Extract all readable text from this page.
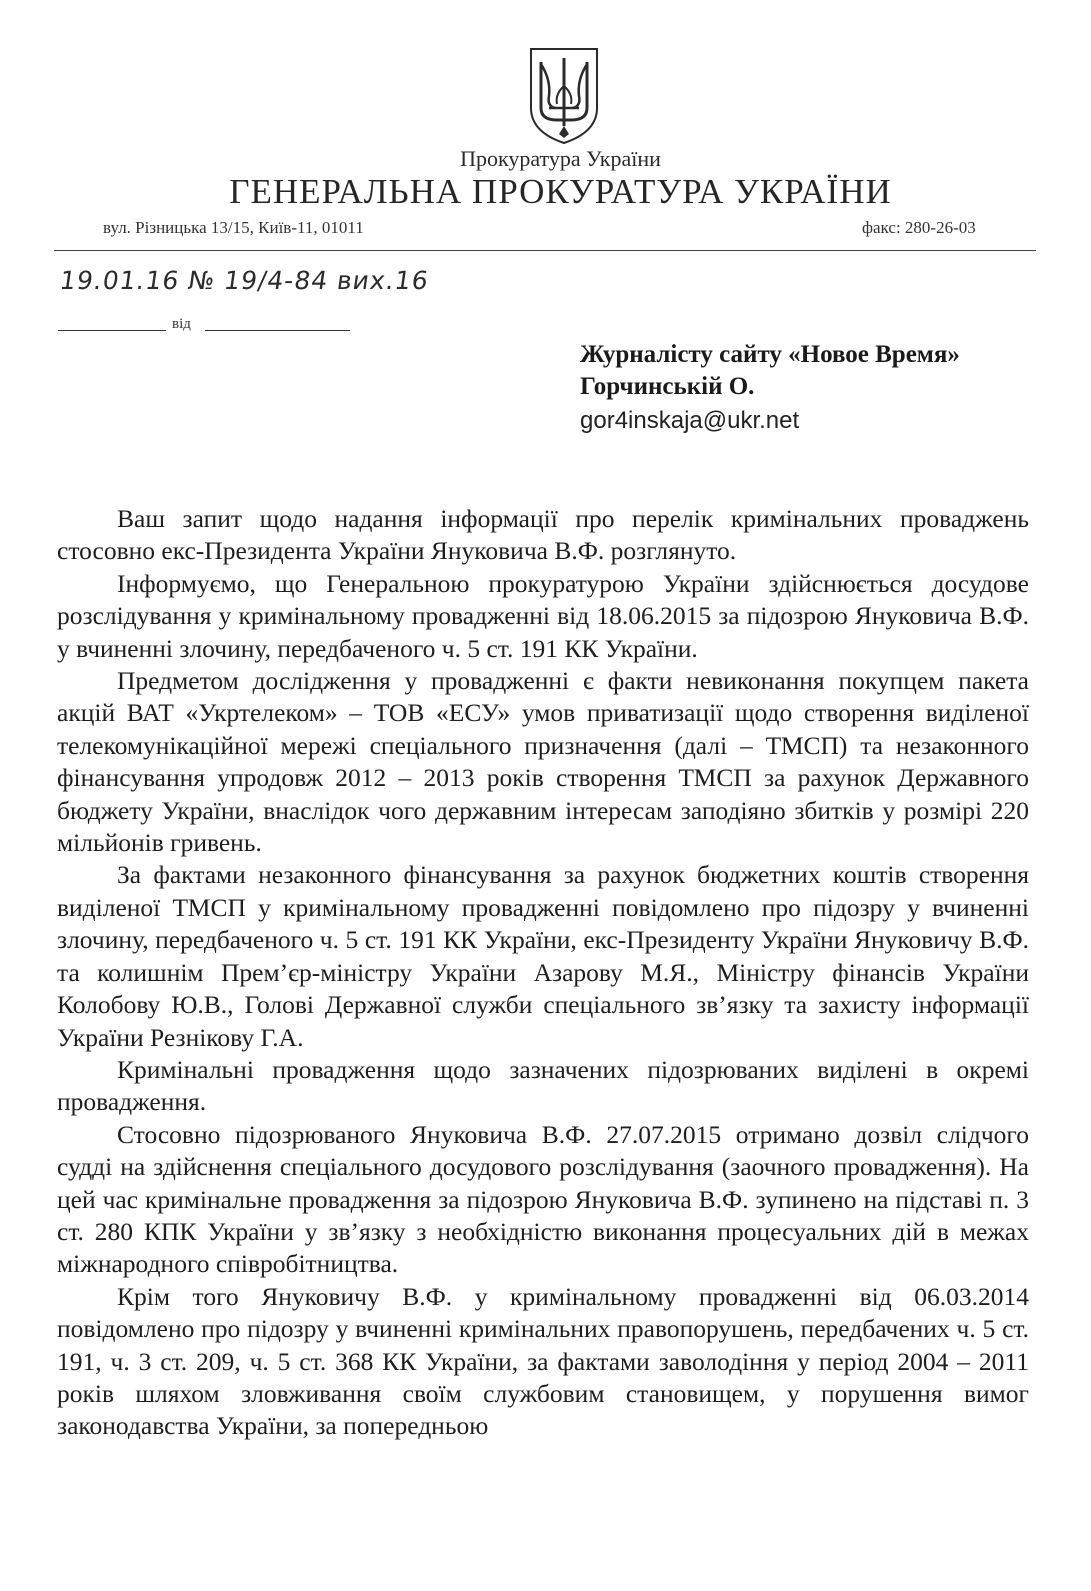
Прокуратура України
ГЕНЕРАЛЬНА ПРОКУРАТУРА УКРАЇНИ
вул. Різницька 13/15, Київ-11, 01011	факс: 280-26-03
19.01.16 № 19/4-84 вих.16
від
Журналісту сайту «Новое Время»
Горчинській О.
gor4inskaja@ukr.net

Ваш запит щодо надання інформації про перелік кримінальних проваджень стосовно екс-Президента України Януковича В.Ф. розглянуто.

Інформуємо, що Генеральною прокуратурою України здійснюється досудове розслідування у кримінальному провадженні від 18.06.2015 за підозрою Януковича В.Ф. у вчиненні злочину, передбаченого ч. 5 ст. 191 КК України.

Предметом дослідження у провадженні є факти невиконання покупцем пакета акцій ВАТ «Укртелеком» – ТОВ «ЕСУ» умов приватизації щодо створення виділеної телекомунікаційної мережі спеціального призначення (далі – ТМСП) та незаконного фінансування упродовж 2012 – 2013 років створення ТМСП за рахунок Державного бюджету України, внаслідок чого державним інтересам заподіяно збитків у розмірі 220 мільйонів гривень.

За фактами незаконного фінансування за рахунок бюджетних коштів створення виділеної ТМСП у кримінальному провадженні повідомлено про підозру у вчиненні злочину, передбаченого ч. 5 ст. 191 КК України, екс-Президенту України Януковичу В.Ф. та колишнім Прем’єр-міністру України Азарову М.Я., Міністру фінансів України Колобову Ю.В., Голові Державної служби спеціального зв’язку та захисту інформації України Резнікову Г.А.

Кримінальні провадження щодо зазначених підозрюваних виділені в окремі провадження.

Стосовно підозрюваного Януковича В.Ф. 27.07.2015 отримано дозвіл слідчого судді на здійснення спеціального досудового розслідування (заочного провадження). На цей час кримінальне провадження за підозрою Януковича В.Ф. зупинено на підставі п. 3 ст. 280 КПК України у зв’язку з необхідністю виконання процесуальних дій в межах міжнародного співробітництва.

Крім того Януковичу В.Ф. у кримінальному провадженні від 06.03.2014 повідомлено про підозру у вчиненні кримінальних правопорушень, передбачених ч. 5 ст. 191, ч. 3 ст. 209, ч. 5 ст. 368 КК України, за фактами заволодіння у період 2004 – 2011 років шляхом зловживання своїм службовим становищем, у порушення вимог законодавства України, за попередньою
